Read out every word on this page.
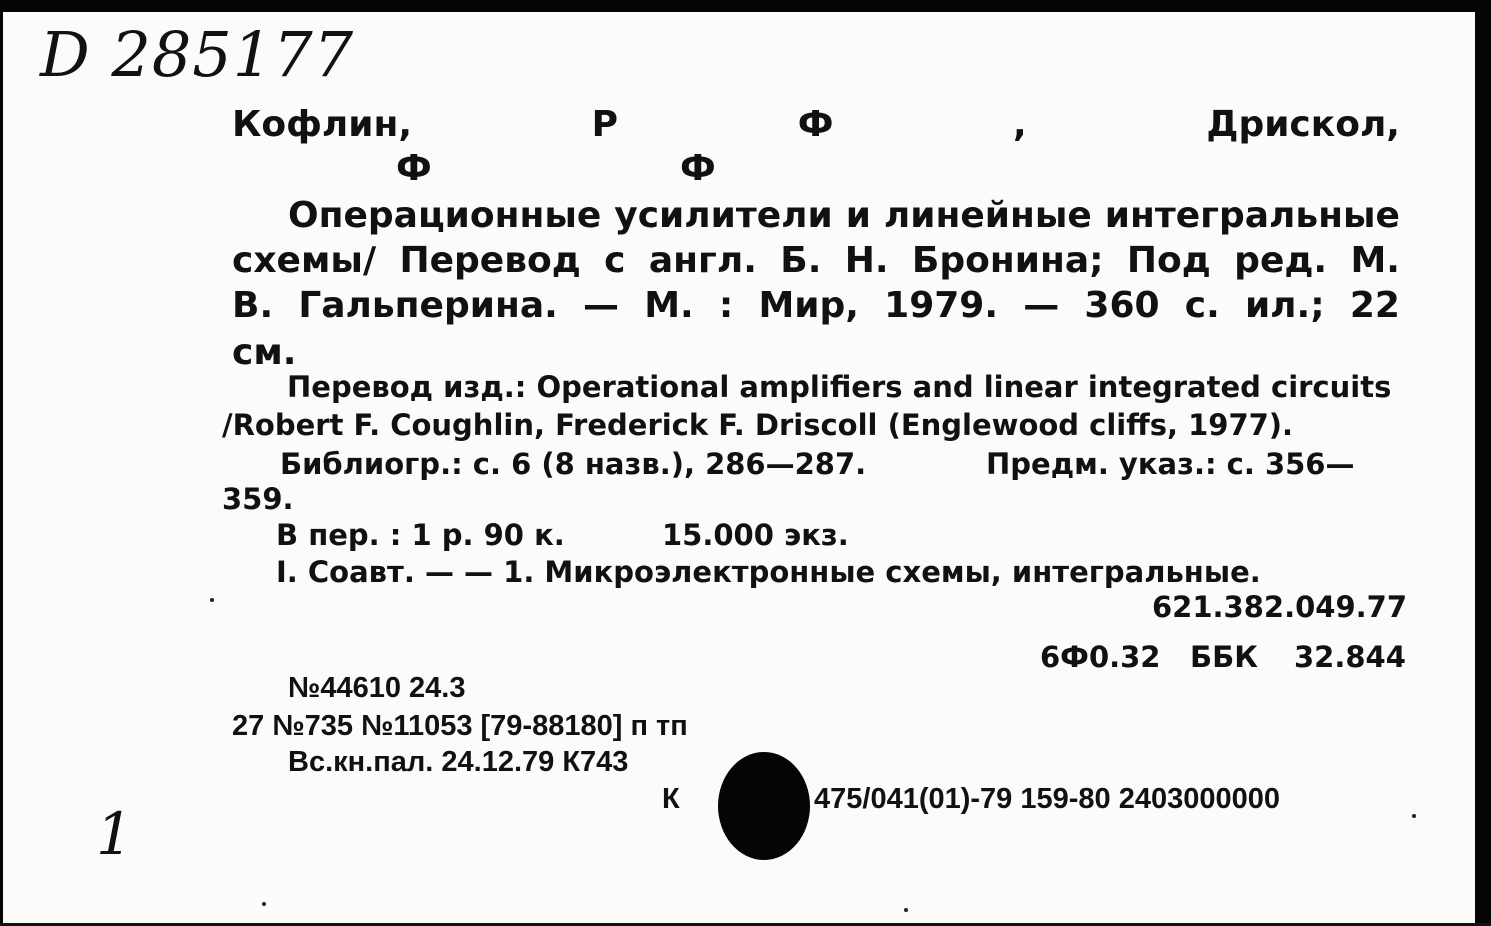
D 285177
Кофлин,	Р	Ф	,	Дрискол,
Ф	Ф
Операционные усилители и линейные интегральные
схемы/ Перевод с англ. Б. Н. Бронина; Под ред. М.
В. Гальперина. — М. : Мир, 1979. — 360 с. ил.; 22
см.
Перевод изд.: Operational amplifiers and linear integrated circuits
/Robert F. Coughlin, Frederick F. Driscoll (Englewood cliffs, 1977).
Библиогр.: с. 6 (8 назв.), 286—287.	Предм. указ.: с. 356—
359.
В пер. : 1 р. 90 к.	15.000 экз.
I. Соавт. — — 1. Микроэлектронные схемы, интегральные.
621.382.049.77
6Ф0.32 ББК 32.844
№44610 24.3
27 №735 №11053 [79-88180] п тп
Вс.кн.пал. 24.12.79 К743
К	475/041(01)-79 159-80 2403000000
1
